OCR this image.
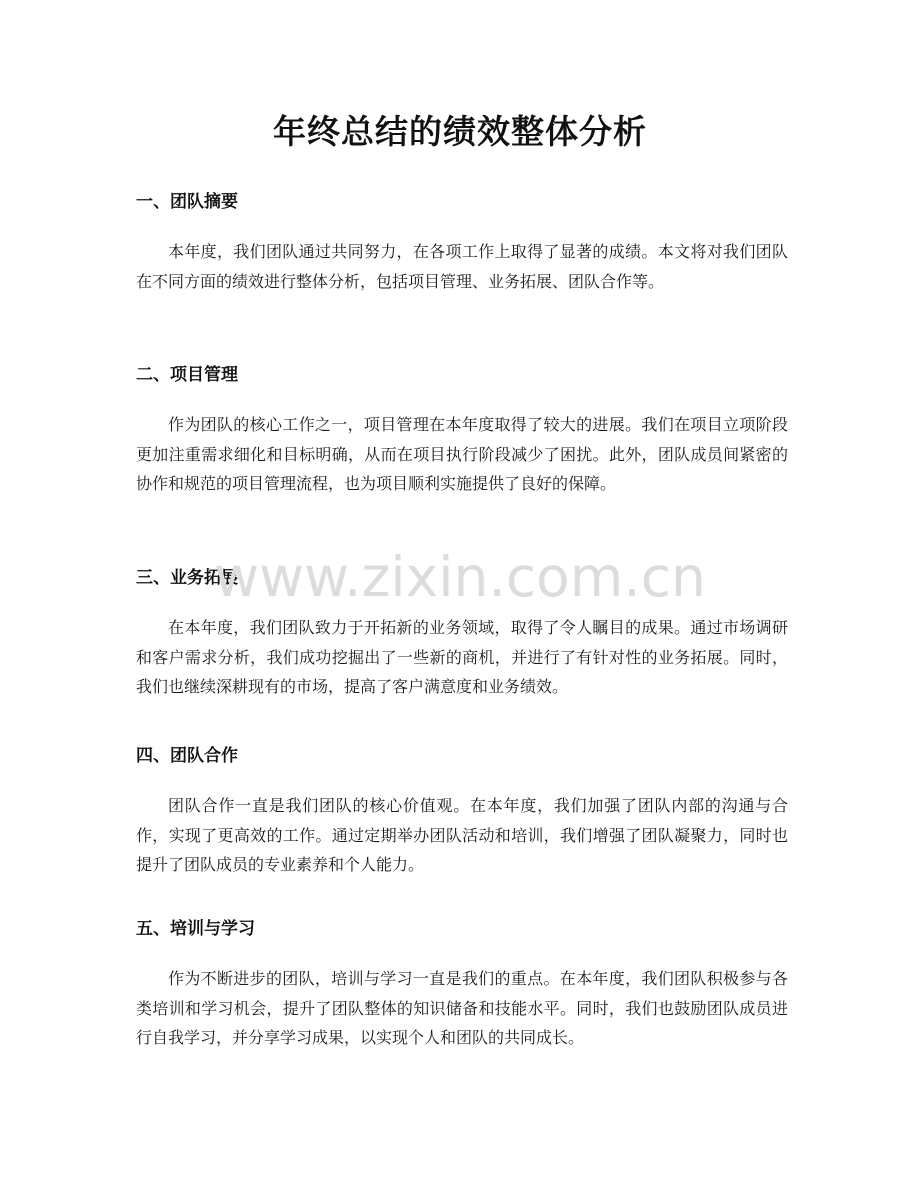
年终总结的绩效整体分析
一、团队摘要

本年度，我们团队通过共同努力，在各项工作上取得了显著的成绩。本文将对我们团队在不同方面的绩效进行整体分析，包括项目管理、业务拓展、团队合作等。

二、项目管理

作为团队的核心工作之一，项目管理在本年度取得了较大的进展。我们在项目立项阶段更加注重需求细化和目标明确，从而在项目执行阶段减少了困扰。此外，团队成员间紧密的协作和规范的项目管理流程，也为项目顺利实施提供了良好的保障。

三、业务拓展

在本年度，我们团队致力于开拓新的业务领域，取得了令人瞩目的成果。通过市场调研和客户需求分析，我们成功挖掘出了一些新的商机，并进行了有针对性的业务拓展。同时，我们也继续深耕现有的市场，提高了客户满意度和业务绩效。

四、团队合作

团队合作一直是我们团队的核心价值观。在本年度，我们加强了团队内部的沟通与合作，实现了更高效的工作。通过定期举办团队活动和培训，我们增强了团队凝聚力，同时也提升了团队成员的专业素养和个人能力。

五、培训与学习

作为不断进步的团队，培训与学习一直是我们的重点。在本年度，我们团队积极参与各类培训和学习机会，提升了团队整体的知识储备和技能水平。同时，我们也鼓励团队成员进行自我学习，并分享学习成果，以实现个人和团队的共同成长。

www.zixin.com.cn
